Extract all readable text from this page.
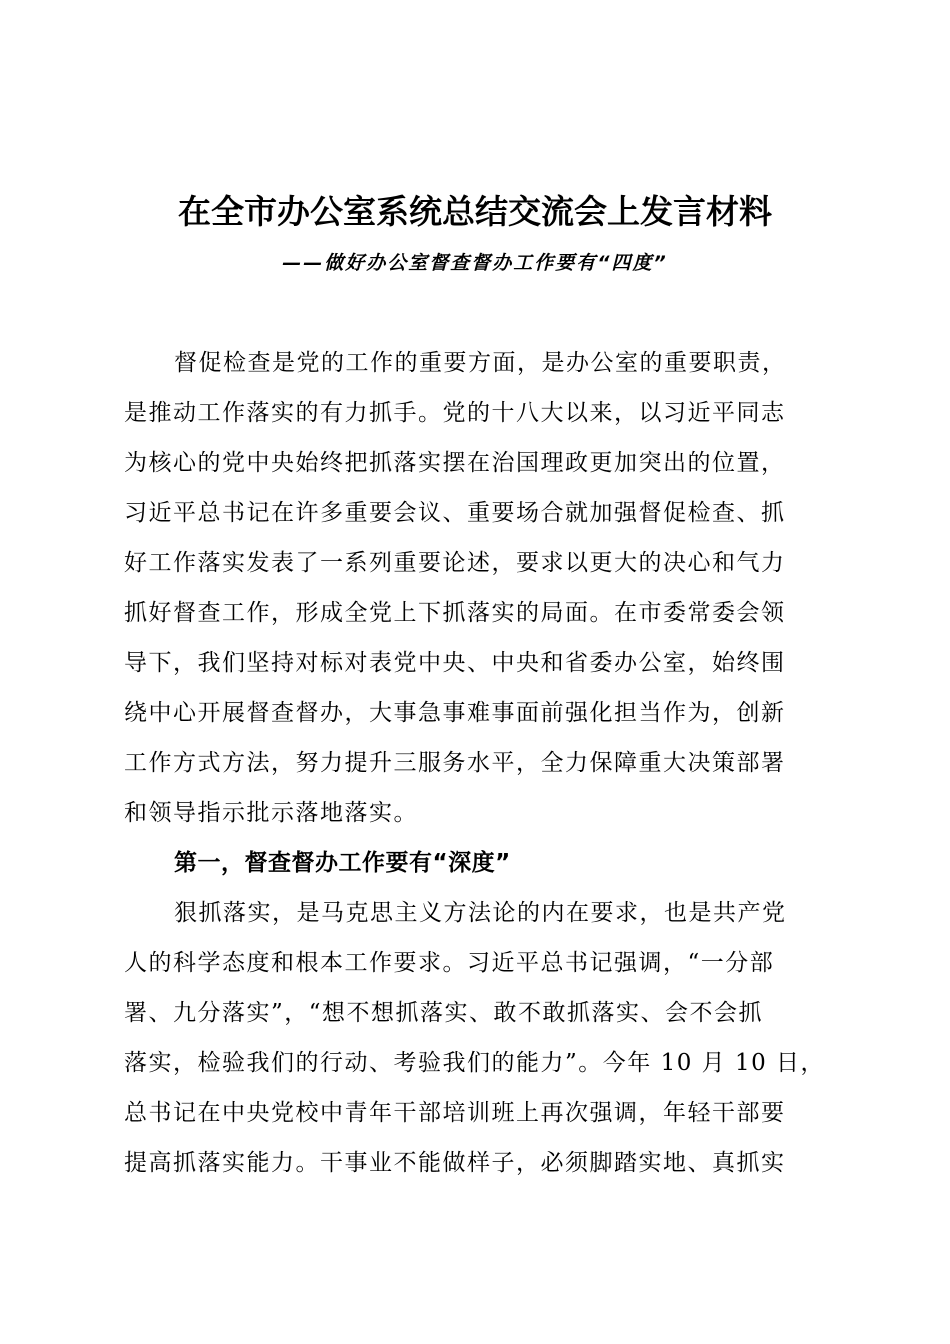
在全市办公室系统总结交流会上发言材料
——做好办公室督查督办工作要有“四度”
督促检查是党的工作的重要方面，是办公室的重要职责，
是推动工作落实的有力抓手。党的十八大以来，以习近平同志
为核心的党中央始终把抓落实摆在治国理政更加突出的位置，
习近平总书记在许多重要会议、重要场合就加强督促检查、抓
好工作落实发表了一系列重要论述，要求以更大的决心和气力
抓好督查工作，形成全党上下抓落实的局面。在市委常委会领
导下，我们坚持对标对表党中央、中央和省委办公室，始终围
绕中心开展督查督办，大事急事难事面前强化担当作为，创新
工作方式方法，努力提升三服务水平，全力保障重大决策部署
和领导指示批示落地落实。
第一，督查督办工作要有“深度”
狠抓落实，是马克思主义方法论的内在要求，也是共产党
人的科学态度和根本工作要求。习近平总书记强调，“一分部
署、九分落实”，“想不想抓落实、敢不敢抓落实、会不会抓
落实，检验我们的行动、考验我们的能力”。今年 10 月 10 日，
总书记在中央党校中青年干部培训班上再次强调，年轻干部要
提高抓落实能力。干事业不能做样子，必须脚踏实地、真抓实
